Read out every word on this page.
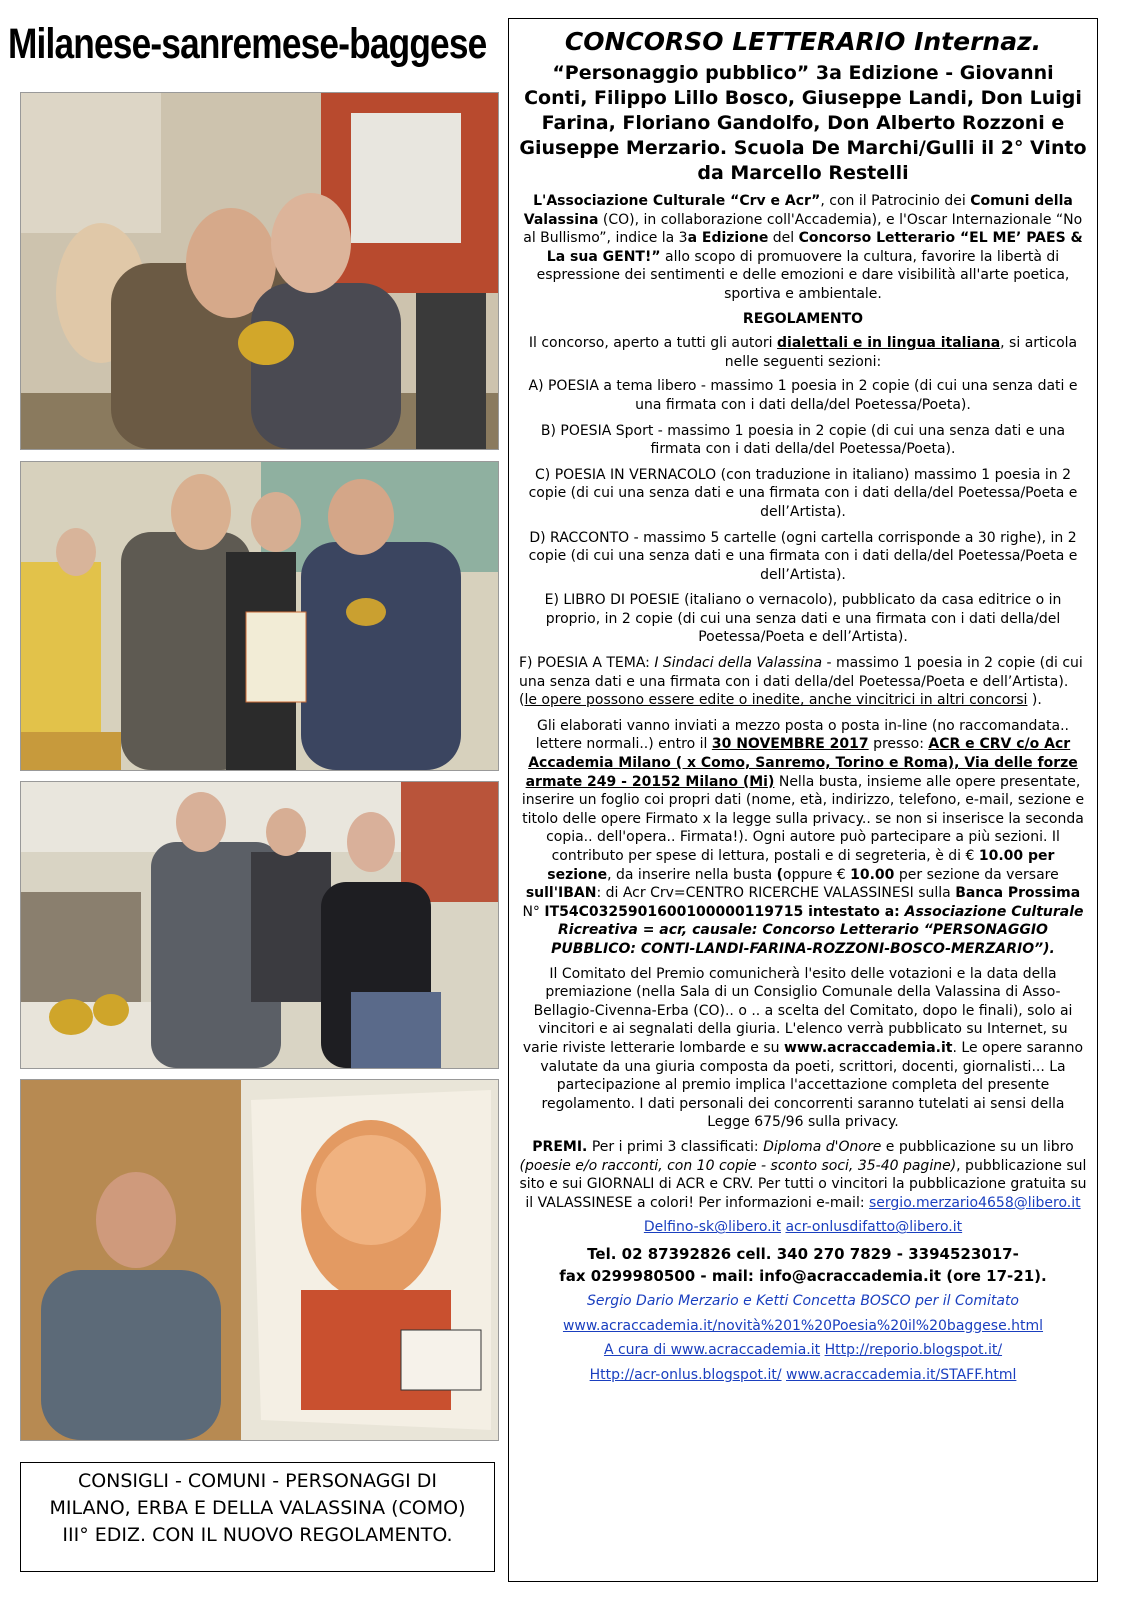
Milanese-sanremese-baggese
CONSIGLI - COMUNI - PERSONAGGI DI
MILANO, ERBA E DELLA VALASSINA (COMO)
III° EDIZ. CON IL NUOVO REGOLAMENTO.
CONCORSO LETTERARIO Internaz.
“Personaggio pubblico” 3a Edizione - Giovanni Conti, Filippo Lillo Bosco, Giuseppe Landi, Don Luigi Farina, Floriano Gandolfo, Don Alberto Rozzoni e Giuseppe Merzario. Scuola De Marchi/Gulli il 2° Vinto da Marcello Restelli

L'Associazione Culturale “Crv e Acr”, con il Patrocinio dei Comuni della Valassina (CO), in collaborazione coll'Accademia), e l'Oscar Internazionale “No al Bullismo”, indice la 3a Edizione del Concorso Letterario “EL ME’ PAES & La sua GENT!” allo scopo di promuovere la cultura, favorire la libertà di espressione dei sentimenti e delle emozioni e dare visibilità all'arte poetica, sportiva e ambientale.

REGOLAMENTO

Il concorso, aperto a tutti gli autori dialettali e in lingua italiana, si articola nelle seguenti sezioni:

A) POESIA a tema libero - massimo 1 poesia in 2 copie (di cui una senza dati e una firmata con i dati della/del Poetessa/Poeta).

B) POESIA Sport - massimo 1 poesia in 2 copie (di cui una senza dati e una firmata con i dati della/del Poetessa/Poeta).

C) POESIA IN VERNACOLO (con traduzione in italiano) massimo 1 poesia in 2 copie (di cui una senza dati e una firmata con i dati della/del Poetessa/Poeta e dell’Artista).

D) RACCONTO - massimo 5 cartelle (ogni cartella corrisponde a 30 righe), in 2 copie (di cui una senza dati e una firmata con i dati della/del Poetessa/Poeta e dell’Artista).

E) LIBRO DI POESIE (italiano o vernacolo), pubblicato da casa editrice o in proprio, in 2 copie (di cui una senza dati e una firmata con i dati della/del Poetessa/Poeta e dell’Artista).

F) POESIA A TEMA: I Sindaci della Valassina - massimo 1 poesia in 2 copie (di cui una senza dati e una firmata con i dati della/del Poetessa/Poeta e dell’Artista). (le opere possono essere edite o inedite, anche vincitrici in altri concorsi ).

Gli elaborati vanno inviati a mezzo posta o posta in-line (no raccomandata.. lettere normali..) entro il 30 NOVEMBRE 2017 presso: ACR e CRV c/o Acr Accademia Milano ( x Como, Sanremo, Torino e Roma), Via delle forze armate 249 - 20152 Milano (Mi) Nella busta, insieme alle opere presentate, inserire un foglio coi propri dati (nome, età, indirizzo, telefono, e-mail, sezione e titolo delle opere Firmato x la legge sulla privacy.. se non si inserisce la seconda copia.. dell'opera.. Firmata!). Ogni autore può partecipare a più sezioni. Il contributo per spese di lettura, postali e di segreteria, è di € 10.00 per sezione, da inserire nella busta (oppure € 10.00 per sezione da versare sull'IBAN: di Acr Crv=CENTRO RICERCHE VALASSINESI sulla Banca Prossima N° IT54C0325901600100000119715 intestato a: Associazione Culturale Ricreativa = acr, causale: Concorso Letterario “PERSONAGGIO PUBBLICO: CONTI-LANDI-FARINA-ROZZONI-BOSCO-MERZARIO”).

Il Comitato del Premio comunicherà l'esito delle votazioni e la data della premiazione (nella Sala di un Consiglio Comunale della Valassina di Asso-Bellagio-Civenna-Erba (CO).. o .. a scelta del Comitato, dopo le finali), solo ai vincitori e ai segnalati della giuria. L'elenco verrà pubblicato su Internet, su varie riviste letterarie lombarde e su www.acraccademia.it. Le opere saranno valutate da una giuria composta da poeti, scrittori, docenti, giornalisti... La partecipazione al premio implica l'accettazione completa del presente regolamento. I dati personali dei concorrenti saranno tutelati ai sensi della Legge 675/96 sulla privacy.

PREMI. Per i primi 3 classificati: Diploma d'Onore e pubblicazione su un libro (poesie e/o racconti, con 10 copie - sconto soci, 35-40 pagine), pubblicazione sul sito e sui GIORNALI di ACR e CRV. Per tutti o vincitori la pubblicazione gratuita su il VALASSINESE a colori! Per informazioni e-mail: sergio.merzario4658@libero.it

Delfino-sk@libero.it acr-onlusdifatto@libero.it

Tel. 02 87392826 cell. 340 270 7829 - 3394523017-

fax 0299980500 - mail: info@acraccademia.it (ore 17-21).

Sergio Dario Merzario e Ketti Concetta BOSCO per il Comitato

www.acraccademia.it/novità%201%20Poesia%20il%20baggese.html

A cura di www.acraccademia.it Http://reporio.blogspot.it/

Http://acr-onlus.blogspot.it/ www.acraccademia.it/STAFF.html
